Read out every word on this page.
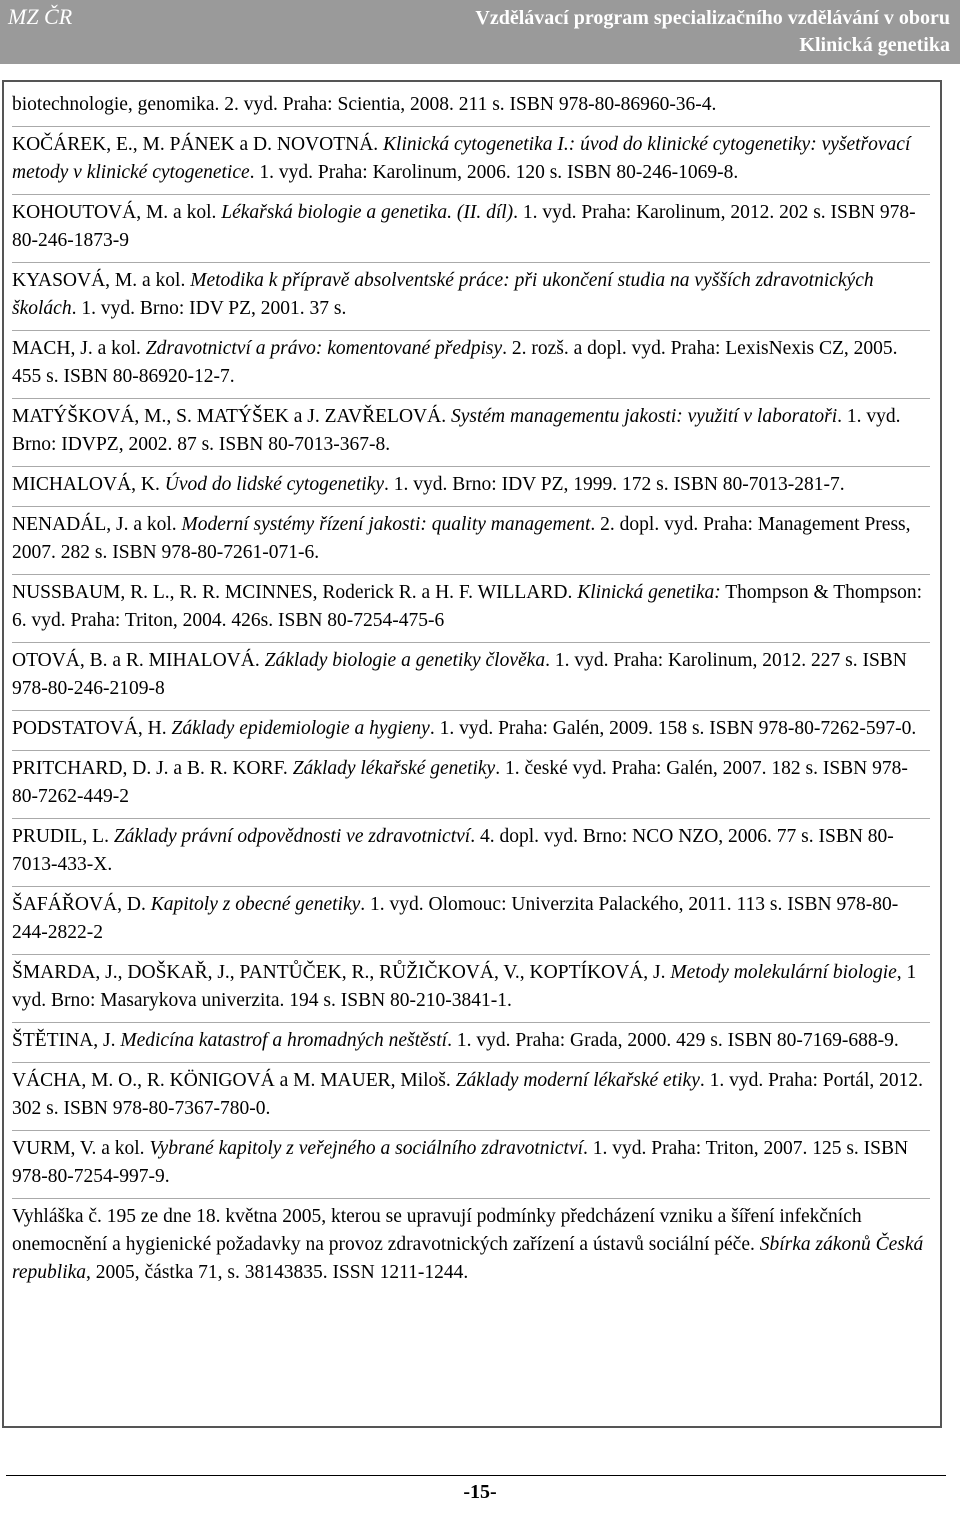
MZ ČR	Vzdělávací program specializačního vzdělávání v oboru
Klinická genetika
biotechnologie, genomika. 2. vyd. Praha: Scientia, 2008. 211 s. ISBN 978-80-86960-36-4.
KOČÁREK, E., M. PÁNEK a D. NOVOTNÁ. Klinická cytogenetika I.: úvod do klinické cytogenetiky: vyšetřovací metody v klinické cytogenetice. 1. vyd. Praha: Karolinum, 2006. 120 s. ISBN 80-246-1069-8.
KOHOUTOVÁ, M. a kol. Lékařská biologie a genetika. (II. díl). 1. vyd. Praha: Karolinum, 2012. 202 s. ISBN 978-80-246-1873-9
KYASOVÁ, M. a kol. Metodika k přípravě absolventské práce: při ukončení studia na vyšších zdravotnických školách. 1. vyd. Brno: IDV PZ, 2001. 37 s.
MACH, J. a kol. Zdravotnictví a právo: komentované předpisy. 2. rozš. a dopl. vyd. Praha: LexisNexis CZ, 2005. 455 s. ISBN 80-86920-12-7.
MATÝŠKOVÁ, M., S. MATÝŠEK a J. ZAVŘELOVÁ. Systém managementu jakosti: využití v laboratoři. 1. vyd. Brno: IDVPZ, 2002. 87 s. ISBN 80-7013-367-8.
MICHALOVÁ, K. Úvod do lidské cytogenetiky. 1. vyd. Brno: IDV PZ, 1999. 172 s. ISBN 80-7013-281-7.
NENADÁL, J. a kol. Moderní systémy řízení jakosti: quality management. 2. dopl. vyd. Praha: Management Press, 2007. 282 s. ISBN 978-80-7261-071-6.
NUSSBAUM, R. L., R. R. MCINNES, Roderick R. a H. F. WILLARD. Klinická genetika: Thompson & Thompson: 6. vyd. Praha: Triton, 2004. 426s. ISBN 80-7254-475-6
OTOVÁ, B. a R. MIHALOVÁ. Základy biologie a genetiky člověka. 1. vyd. Praha: Karolinum, 2012. 227 s. ISBN 978-80-246-2109-8
PODSTATOVÁ, H. Základy epidemiologie a hygieny. 1. vyd. Praha: Galén, 2009. 158 s. ISBN 978-80-7262-597-0.
PRITCHARD, D. J. a B. R. KORF. Základy lékařské genetiky. 1. české vyd. Praha: Galén, 2007. 182 s. ISBN 978-80-7262-449-2
PRUDIL, L. Základy právní odpovědnosti ve zdravotnictví. 4. dopl. vyd. Brno: NCO NZO, 2006. 77 s. ISBN 80-7013-433-X.
ŠAFÁŘOVÁ, D. Kapitoly z obecné genetiky. 1. vyd. Olomouc: Univerzita Palackého, 2011. 113 s. ISBN 978-80-244-2822-2
ŠMARDA, J., DOŠKAŘ, J., PANTŮČEK, R., RŮŽIČKOVÁ, V., KOPTÍKOVÁ, J. Metody molekulární biologie, 1 vyd. Brno: Masarykova univerzita. 194 s. ISBN 80-210-3841-1.
ŠTĚTINA, J. Medicína katastrof a hromadných neštěstí. 1. vyd. Praha: Grada, 2000. 429 s. ISBN 80-7169-688-9.
VÁCHA, M. O., R. KÖNIGOVÁ a M. MAUER, Miloš. Základy moderní lékařské etiky. 1. vyd. Praha: Portál, 2012. 302 s. ISBN 978-80-7367-780-0.
VURM, V. a kol. Vybrané kapitoly z veřejného a sociálního zdravotnictví. 1. vyd. Praha: Triton, 2007. 125 s. ISBN 978-80-7254-997-9.
Vyhláška č. 195 ze dne 18. května 2005, kterou se upravují podmínky předcházení vzniku a šíření infekčních onemocnění a hygienické požadavky na provoz zdravotnických zařízení a ústavů sociální péče. Sbírka zákonů Česká republika, 2005, částka 71, s. 38143835. ISSN 1211-1244.
-15-
